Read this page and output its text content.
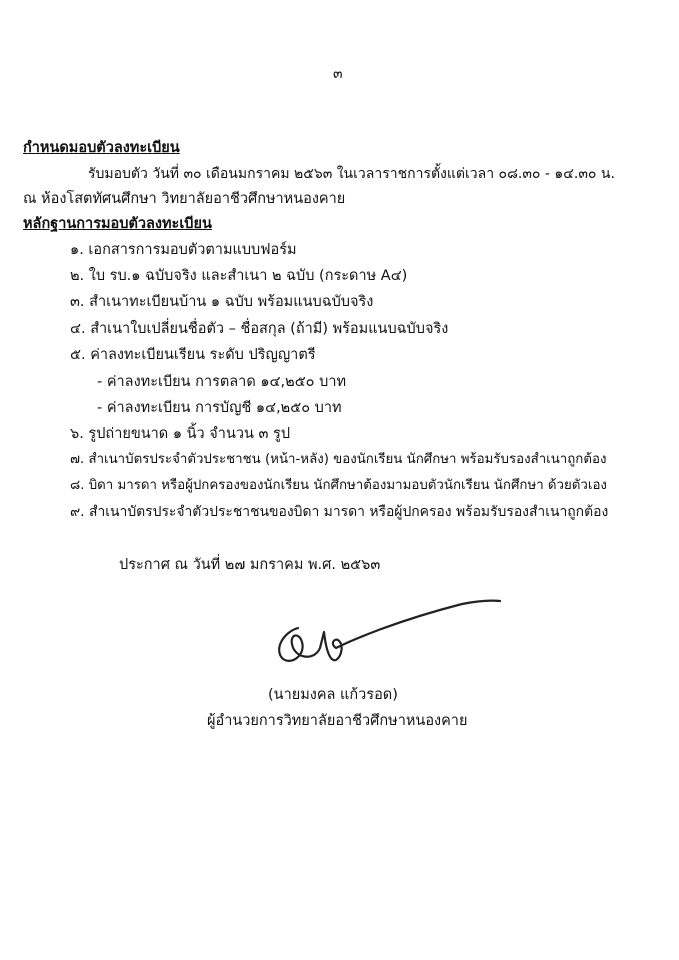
๓
กำหนดมอบตัวลงทะเบียน
รับมอบตัว วันที่ ๓๐ เดือนมกราคม ๒๕๖๓ ในเวลาราชการตั้งแต่เวลา ๐๘.๓๐ - ๑๔.๓๐ น.
ณ ห้องโสตทัศนศึกษา วิทยาลัยอาชีวศึกษาหนองคาย
หลักฐานการมอบตัวลงทะเบียน
๑. เอกสารการมอบตัวตามแบบฟอร์ม
๒. ใบ รบ.๑ ฉบับจริง และสำเนา ๒ ฉบับ (กระดาษ A๔)
๓. สำเนาทะเบียนบ้าน ๑ ฉบับ พร้อมแนบฉบับจริง
๔. สำเนาใบเปลี่ยนชื่อตัว – ชื่อสกุล (ถ้ามี) พร้อมแนบฉบับจริง
๕. ค่าลงทะเบียนเรียน ระดับ ปริญญาตรี
- ค่าลงทะเบียน การตลาด ๑๔,๒๕๐ บาท
- ค่าลงทะเบียน การบัญชี ๑๔,๒๕๐ บาท
๖. รูปถ่ายขนาด ๑ นิ้ว จำนวน ๓ รูป
๗. สำเนาบัตรประจำตัวประชาชน (หน้า-หลัง) ของนักเรียน นักศึกษา พร้อมรับรองสำเนาถูกต้อง
๘. บิดา มารดา หรือผู้ปกครองของนักเรียน นักศึกษาต้องมามอบตัวนักเรียน นักศึกษา ด้วยตัวเอง
๙. สำเนาบัตรประจำตัวประชาชนของบิดา มารดา หรือผู้ปกครอง พร้อมรับรองสำเนาถูกต้อง
ประกาศ ณ วันที่ ๒๗ มกราคม พ.ศ. ๒๕๖๓
(นายมงคล แก้วรอด)
ผู้อำนวยการวิทยาลัยอาชีวศึกษาหนองคาย
